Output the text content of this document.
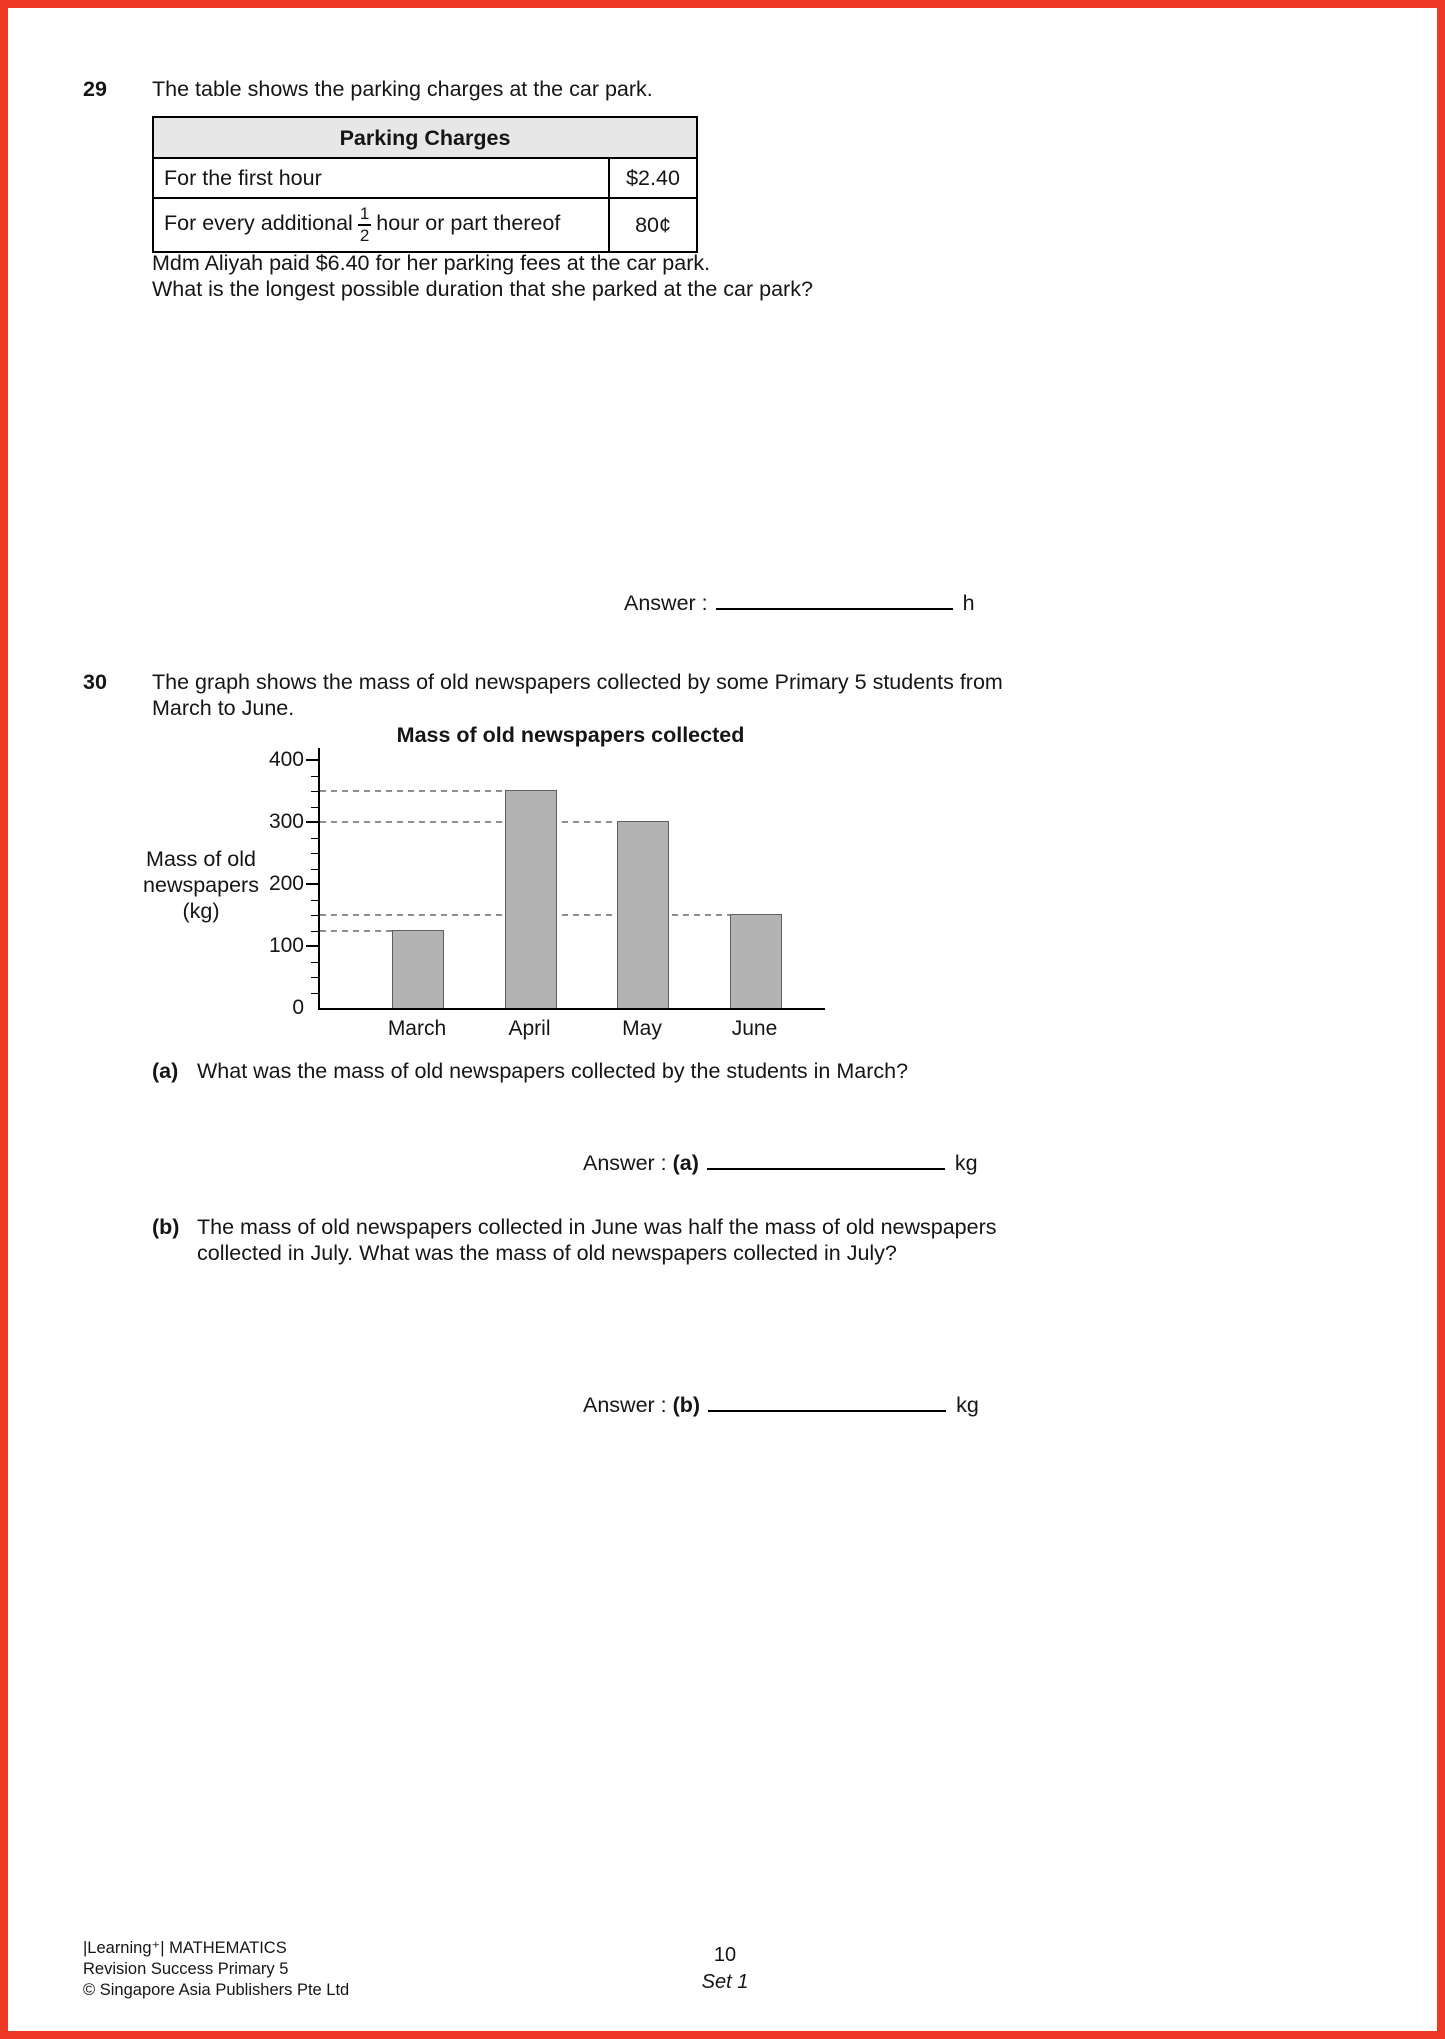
29 The table shows the parking charges at the car park.
Parking Charges	
For the first hour	$2.40
For every additional $\frac{1}{2}$ hour or part thereof	80¢
Mdm Aliyah paid $6.40 for her parking fees at the car park.
What is the longest possible duration that she parked at the car park?
Answer :	h
30 The graph shows the mass of old newspapers collected by some Primary 5 students from
March to June.
Mass of old newspapers collected
Mass of old
newspapers
(kg)
0
100
200
300
400
March	April	May	June
(a) What was the mass of old newspapers collected by the students in March?
Answer : (a)	kg
(b) The mass of old newspapers collected in June was half the mass of old newspapers
collected in July. What was the mass of old newspapers collected in July?
Answer : (b)	kg
|Learning⁺| MATHEMATICS
Revision Success Primary 5
© Singapore Asia Publishers Pte Ltd
10
Set 1
